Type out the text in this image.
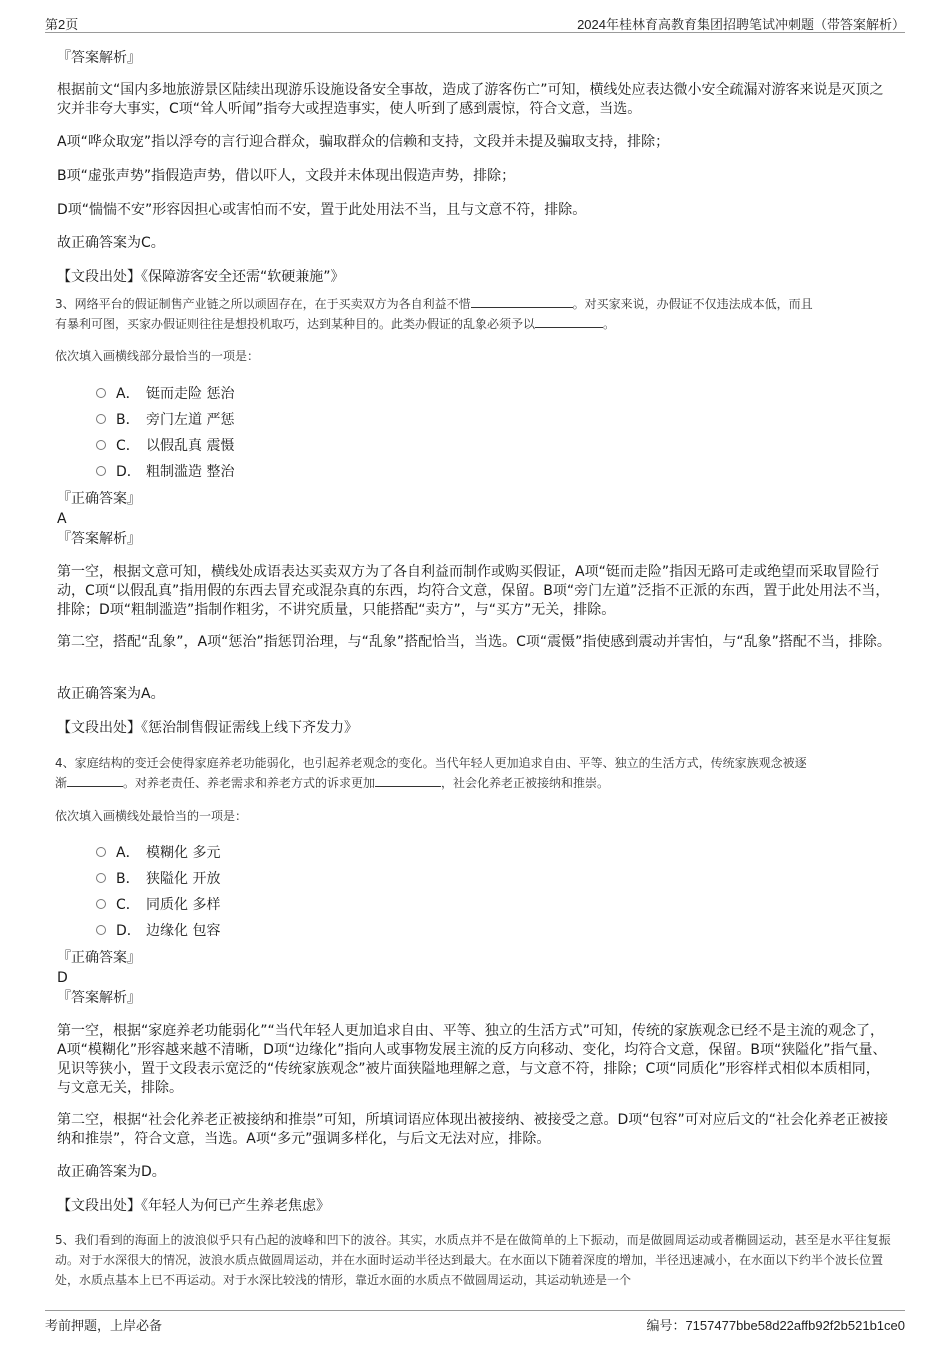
第2页	2024年桂林育高教育集团招聘笔试冲刺题（带答案解析）
『答案解析』
根据前文“国内多地旅游景区陆续出现游乐设施设备安全事故，造成了游客伤亡”可知，横线处应表达微小安全疏漏对游客来说是灭顶之灾并非夸大事实，C项“耸人听闻”指夸大或捏造事实，使人听到了感到震惊，符合文意，当选。
A项“哗众取宠”指以浮夸的言行迎合群众，骗取群众的信赖和支持，文段并未提及骗取支持，排除；
B项“虚张声势”指假造声势，借以吓人，文段并未体现出假造声势，排除；
D项“惴惴不安”形容因担心或害怕而不安，置于此处用法不当，且与文意不符，排除。
故正确答案为C。
【文段出处】《保障游客安全还需“软硬兼施”》
3、网络平台的假证制售产业链之所以顽固存在，在于买卖双方为各自利益不惜	。对买家来说，办假证不仅违法成本低，而且
有暴利可图，买家办假证则往往是想投机取巧，达到某种目的。此类办假证的乱象必须予以	。
依次填入画横线部分最恰当的一项是：
A． 铤而走险 惩治
B． 旁门左道 严惩
C． 以假乱真 震慑
D． 粗制滥造 整治
『正确答案』
A
『答案解析』
第一空，根据文意可知，横线处成语表达买卖双方为了各自利益而制作或购买假证，A项“铤而走险”指因无路可走或绝望而采取冒险行动，C项“以假乱真”指用假的东西去冒充或混杂真的东西，均符合文意，保留。B项“旁门左道”泛指不正派的东西，置于此处用法不当，排除；D项“粗制滥造”指制作粗劣，不讲究质量，只能搭配“卖方”，与“买方”无关，排除。
第二空，搭配“乱象”，A项“惩治”指惩罚治理，与“乱象”搭配恰当，当选。C项“震慑”指使感到震动并害怕，与“乱象”搭配不当，排除。
故正确答案为A。
【文段出处】《惩治制售假证需线上线下齐发力》
4、家庭结构的变迁会使得家庭养老功能弱化，也引起养老观念的变化。当代年轻人更加追求自由、平等、独立的生活方式，传统家族观念被逐
渐	。对养老责任、养老需求和养老方式的诉求更加	，社会化养老正被接纳和推崇。
依次填入画横线处最恰当的一项是：
A． 模糊化 多元
B． 狭隘化 开放
C． 同质化 多样
D． 边缘化 包容
『正确答案』
D
『答案解析』
第一空，根据“家庭养老功能弱化”“当代年轻人更加追求自由、平等、独立的生活方式”可知，传统的家族观念已经不是主流的观念了，A项“模糊化”形容越来越不清晰，D项“边缘化”指向人或事物发展主流的反方向移动、变化，均符合文意，保留。B项“狭隘化”指气量、见识等狭小，置于文段表示宽泛的“传统家族观念”被片面狭隘地理解之意，与文意不符，排除；C项“同质化”形容样式相似本质相同，与文意无关，排除。
第二空，根据“社会化养老正被接纳和推崇”可知，所填词语应体现出被接纳、被接受之意。D项“包容”可对应后文的“社会化养老正被接纳和推崇”，符合文意，当选。A项“多元”强调多样化，与后文无法对应，排除。
故正确答案为D。
【文段出处】《年轻人为何已产生养老焦虑》
5、我们看到的海面上的波浪似乎只有凸起的波峰和凹下的波谷。其实，水质点并不是在做简单的上下振动，而是做圆周运动或者椭圆运动，甚至是水平往复振动。对于水深很大的情况，波浪水质点做圆周运动，并在水面时运动半径达到最大。在水面以下随着深度的增加，半径迅速减小，在水面以下约半个波长位置处，水质点基本上已不再运动。对于水深比较浅的情形，靠近水面的水质点不做圆周运动，其运动轨迹是一个
考前押题，上岸必备	编号：7157477bbe58d22affb92f2b521b1ce0
